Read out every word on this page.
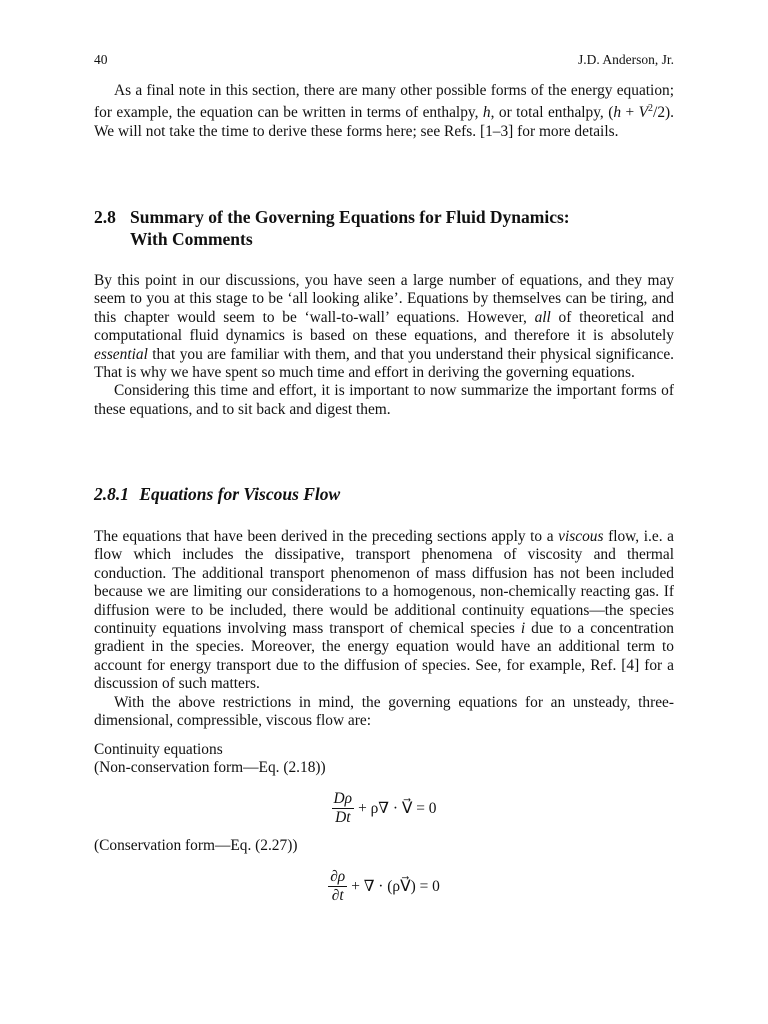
40	J.D. Anderson, Jr.

As a final note in this section, there are many other possible forms of the energy equation; for example, the equation can be written in terms of enthalpy, h, or total enthalpy, $(h + V^2/2)$. We will not take the time to derive these forms here; see Refs. [1–3] for more details.

2.8 Summary of the Governing Equations for Fluid Dynamics:
With Comments

By this point in our discussions, you have seen a large number of equations, and they may seem to you at this stage to be ‘all looking alike’. Equations by themselves can be tiring, and this chapter would seem to be ‘wall-to-wall’ equations. However, all of theoretical and computational fluid dynamics is based on these equations, and therefore it is absolutely essential that you are familiar with them, and that you understand their physical significance. That is why we have spent so much time and effort in deriving the governing equations.

Considering this time and effort, it is important to now summarize the important forms of these equations, and to sit back and digest them.

2.8.1 Equations for Viscous Flow

The equations that have been derived in the preceding sections apply to a viscous flow, i.e. a flow which includes the dissipative, transport phenomena of viscosity and thermal conduction. The additional transport phenomenon of mass diffusion has not been included because we are limiting our considerations to a homogenous, non-chemically reacting gas. If diffusion were to be included, there would be additional continuity equations—the species continuity equations involving mass transport of chemical species i due to a concentration gradient in the species. Moreover, the energy equation would have an additional term to account for energy transport due to the diffusion of species. See, for example, Ref. [4] for a discussion of such matters.

With the above restrictions in mind, the governing equations for an unsteady, three-dimensional, compressible, viscous flow are:

Continuity equations
(Non-conservation form—Eq. (2.18))
$\frac{D\rho}{Dt} + \rho\nabla$ · V⃗ = 0
(Conservation form—Eq. (2.27))
$\frac{\partial\rho}{\partial t}$ + ∇ · (ρV⃗) = 0
